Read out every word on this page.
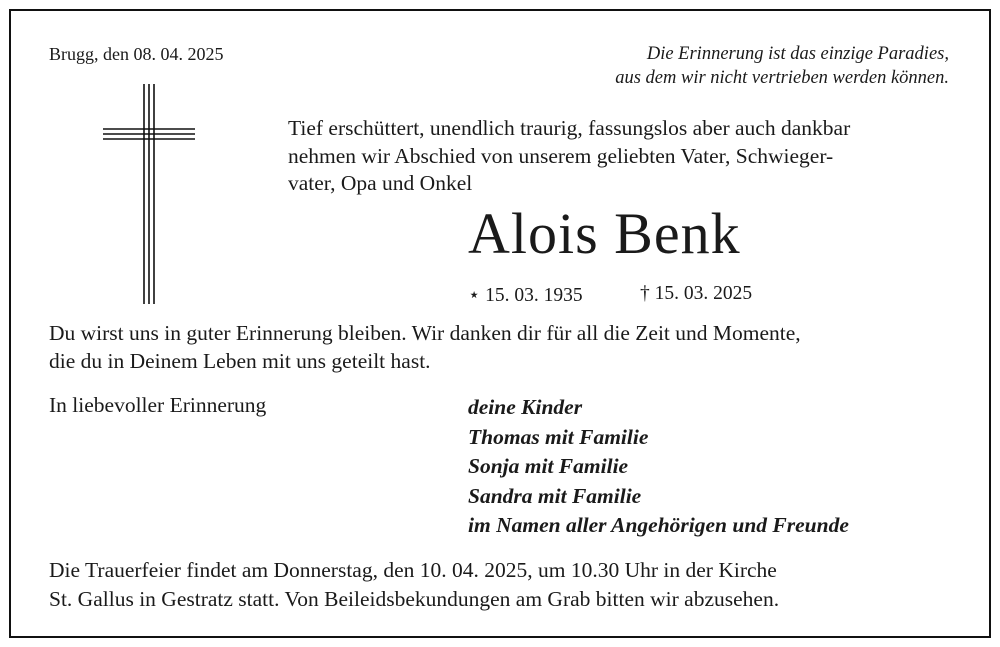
Brugg, den 08. 04. 2025	Die Erinnerung ist das einzige Paradies,
aus dem wir nicht vertrieben werden können.
Tief erschüttert, unendlich traurig, fassungslos aber auch dankbar
nehmen wir Abschied von unserem geliebten Vater, Schwieger-
vater, Opa und Onkel
Alois Benk
⋆ 15. 03. 1935	† 15. 03. 2025
Du wirst uns in guter Erinnerung bleiben. Wir danken dir für all die Zeit und Momente,
die du in Deinem Leben mit uns geteilt hast.
In liebevoller Erinnerung	deine Kinder
Thomas mit Familie
Sonja mit Familie
Sandra mit Familie
im Namen aller Angehörigen und Freunde
Die Trauerfeier findet am Donnerstag, den 10. 04. 2025, um 10.30 Uhr in der Kirche
St. Gallus in Gestratz statt. Von Beileidsbekundungen am Grab bitten wir abzusehen.
